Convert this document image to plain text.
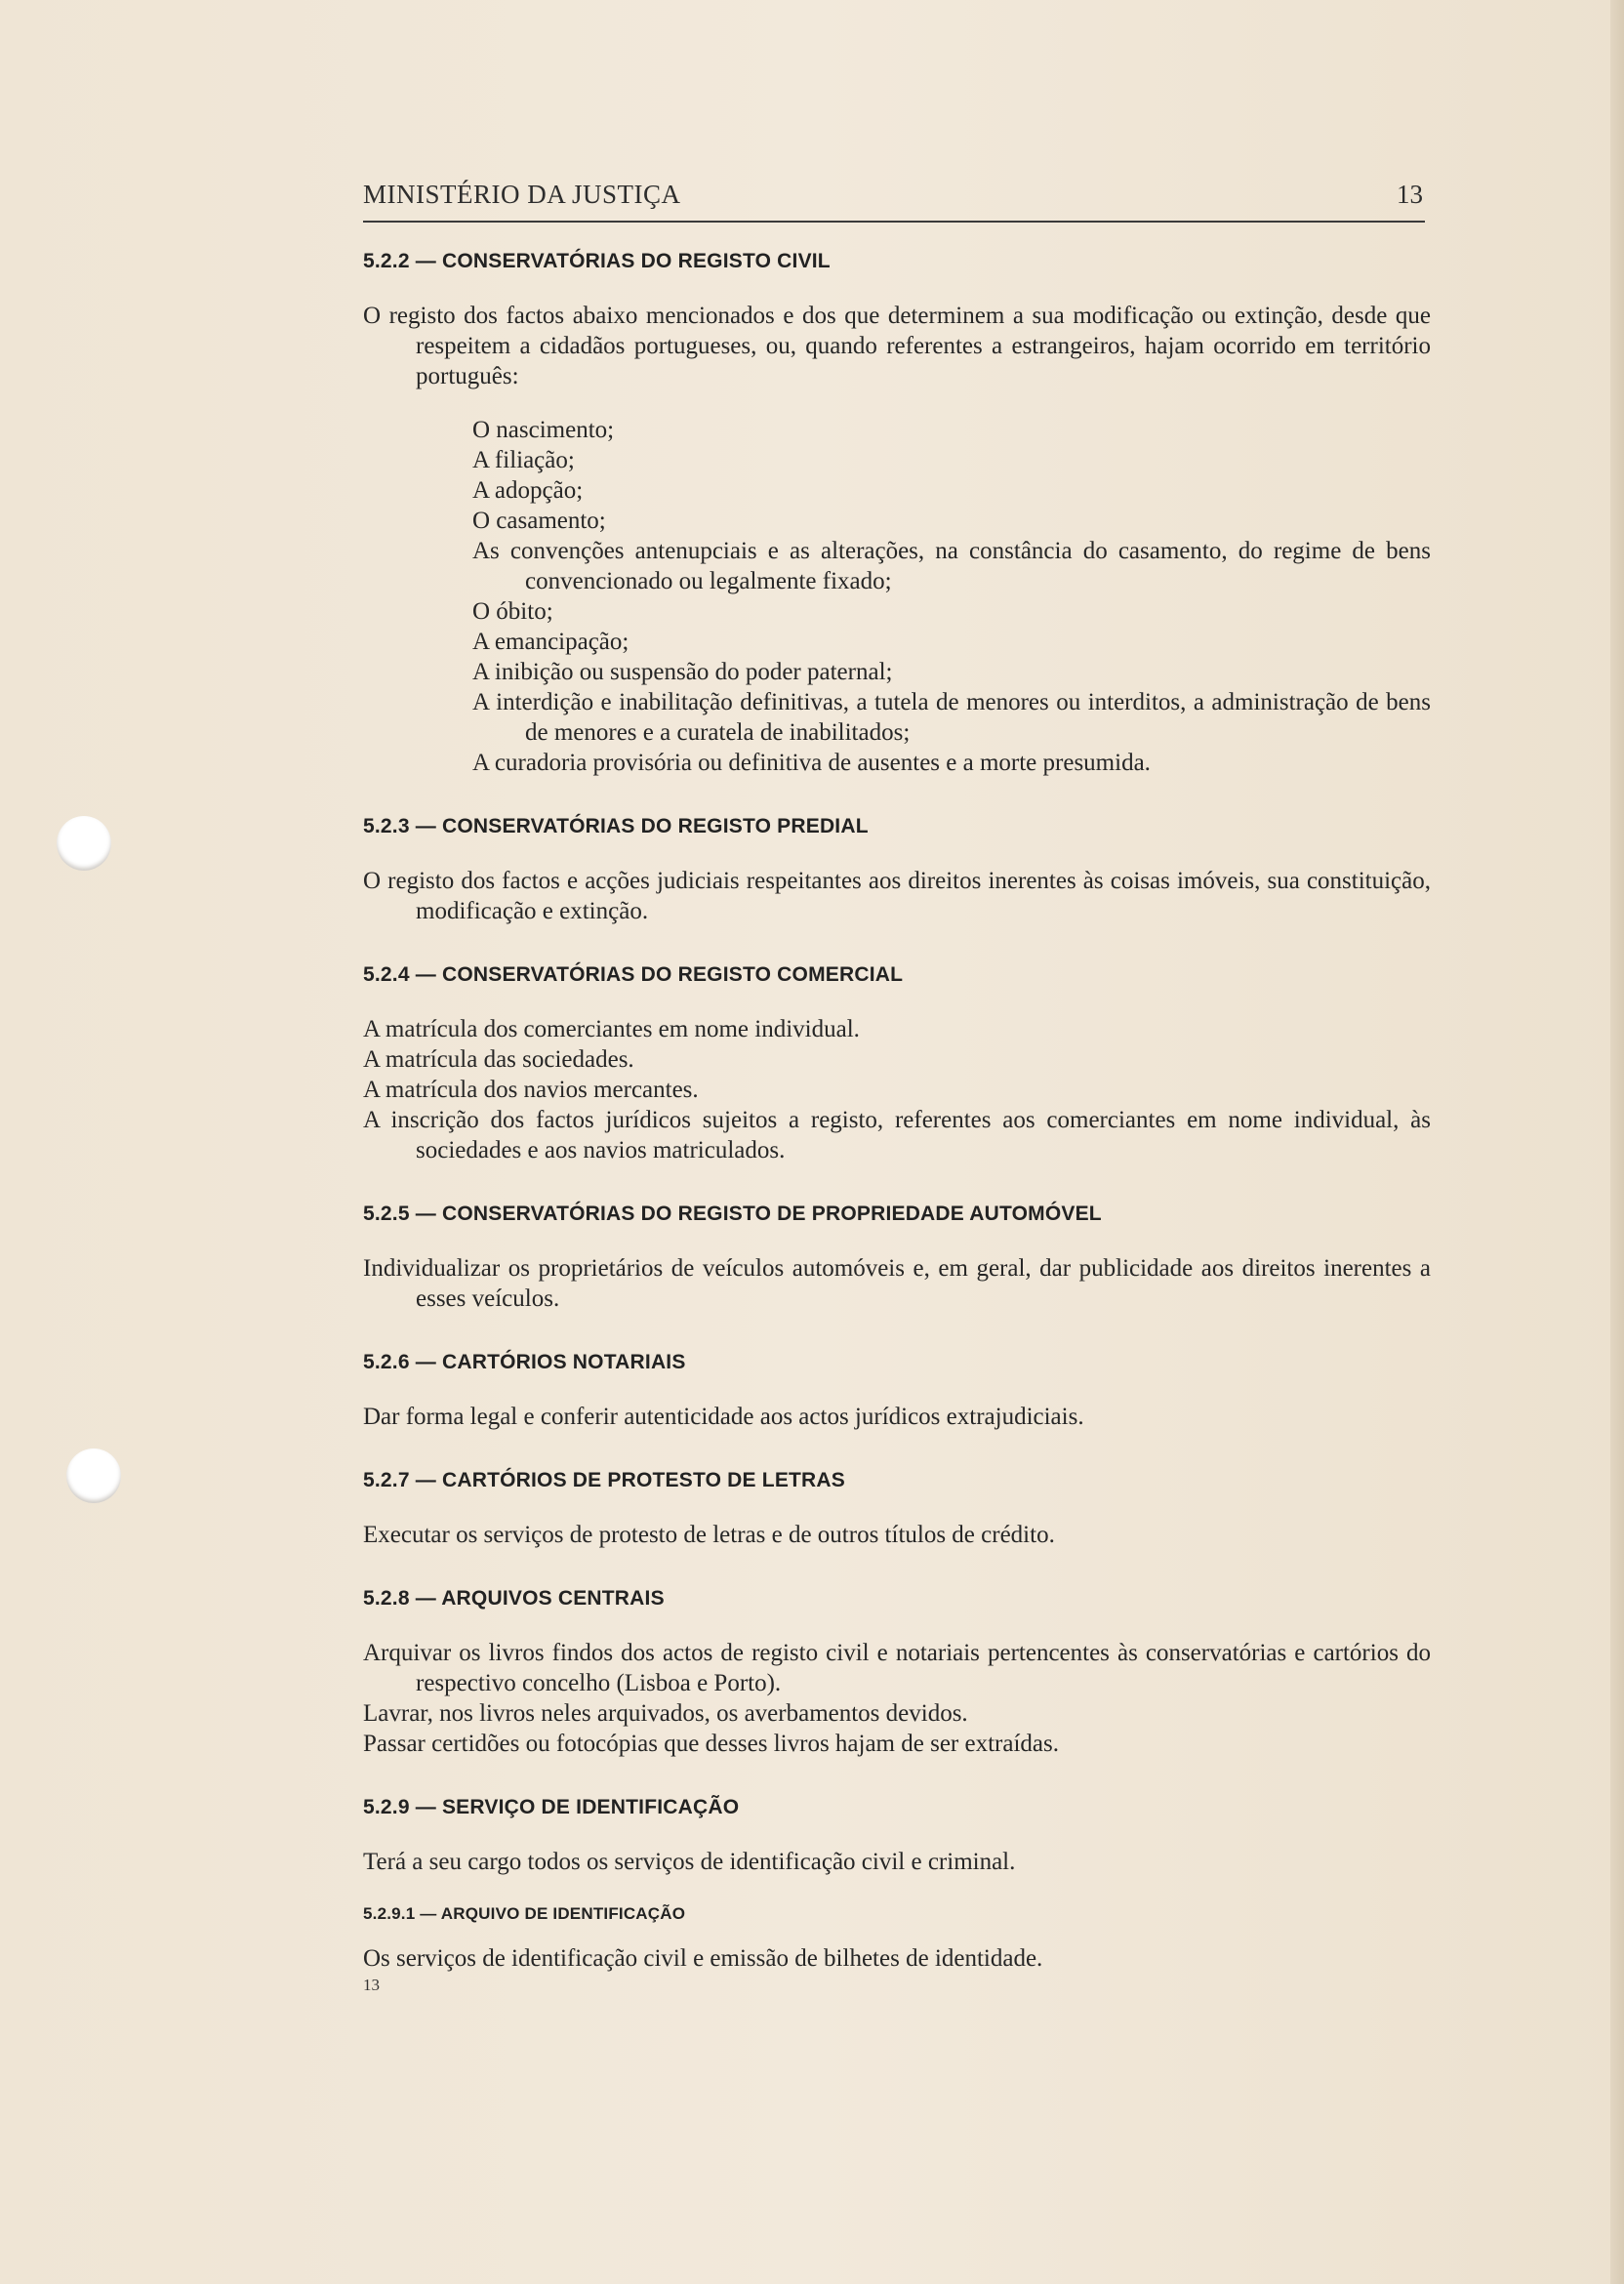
MINISTÉRIO DA JUSTIÇA	13
5.2.2 — CONSERVATÓRIAS DO REGISTO CIVIL

O registo dos factos abaixo mencionados e dos que determinem a sua modificação ou extinção, desde que respeitem a cidadãos portugueses, ou, quando referentes a estrangeiros, hajam ocorrido em território português:

O nascimento;
A filiação;
A adopção;
O casamento;
As convenções antenupciais e as alterações, na constância do casamento, do regime de bens convencionado ou legalmente fixado;
O óbito;
A emancipação;
A inibição ou suspensão do poder paternal;
A interdição e inabilitação definitivas, a tutela de menores ou interditos, a administração de bens de menores e a curatela de inabilitados;
A curadoria provisória ou definitiva de ausentes e a morte presumida.
5.2.3 — CONSERVATÓRIAS DO REGISTO PREDIAL
O registo dos factos e acções judiciais respeitantes aos direitos inerentes às coisas imóveis, sua constituição, modificação e extinção.
5.2.4 — CONSERVATÓRIAS DO REGISTO COMERCIAL
A matrícula dos comerciantes em nome individual.
A matrícula das sociedades.
A matrícula dos navios mercantes.
A inscrição dos factos jurídicos sujeitos a registo, referentes aos comerciantes em nome individual, às sociedades e aos navios matriculados.
5.2.5 — CONSERVATÓRIAS DO REGISTO DE PROPRIEDADE AUTOMÓVEL
Individualizar os proprietários de veículos automóveis e, em geral, dar publicidade aos direitos inerentes a esses veículos.
5.2.6 — CARTÓRIOS NOTARIAIS
Dar forma legal e conferir autenticidade aos actos jurídicos extrajudiciais.
5.2.7 — CARTÓRIOS DE PROTESTO DE LETRAS
Executar os serviços de protesto de letras e de outros títulos de crédito.
5.2.8 — ARQUIVOS CENTRAIS
Arquivar os livros findos dos actos de registo civil e notariais pertencentes às conservatórias e cartórios do respectivo concelho (Lisboa e Porto).
Lavrar, nos livros neles arquivados, os averbamentos devidos.
Passar certidões ou fotocópias que desses livros hajam de ser extraídas.
5.2.9 — SERVIÇO DE IDENTIFICAÇÃO
Terá a seu cargo todos os serviços de identificação civil e criminal.
5.2.9.1 — ARQUIVO DE IDENTIFICAÇÃO
Os serviços de identificação civil e emissão de bilhetes de identidade.
13
